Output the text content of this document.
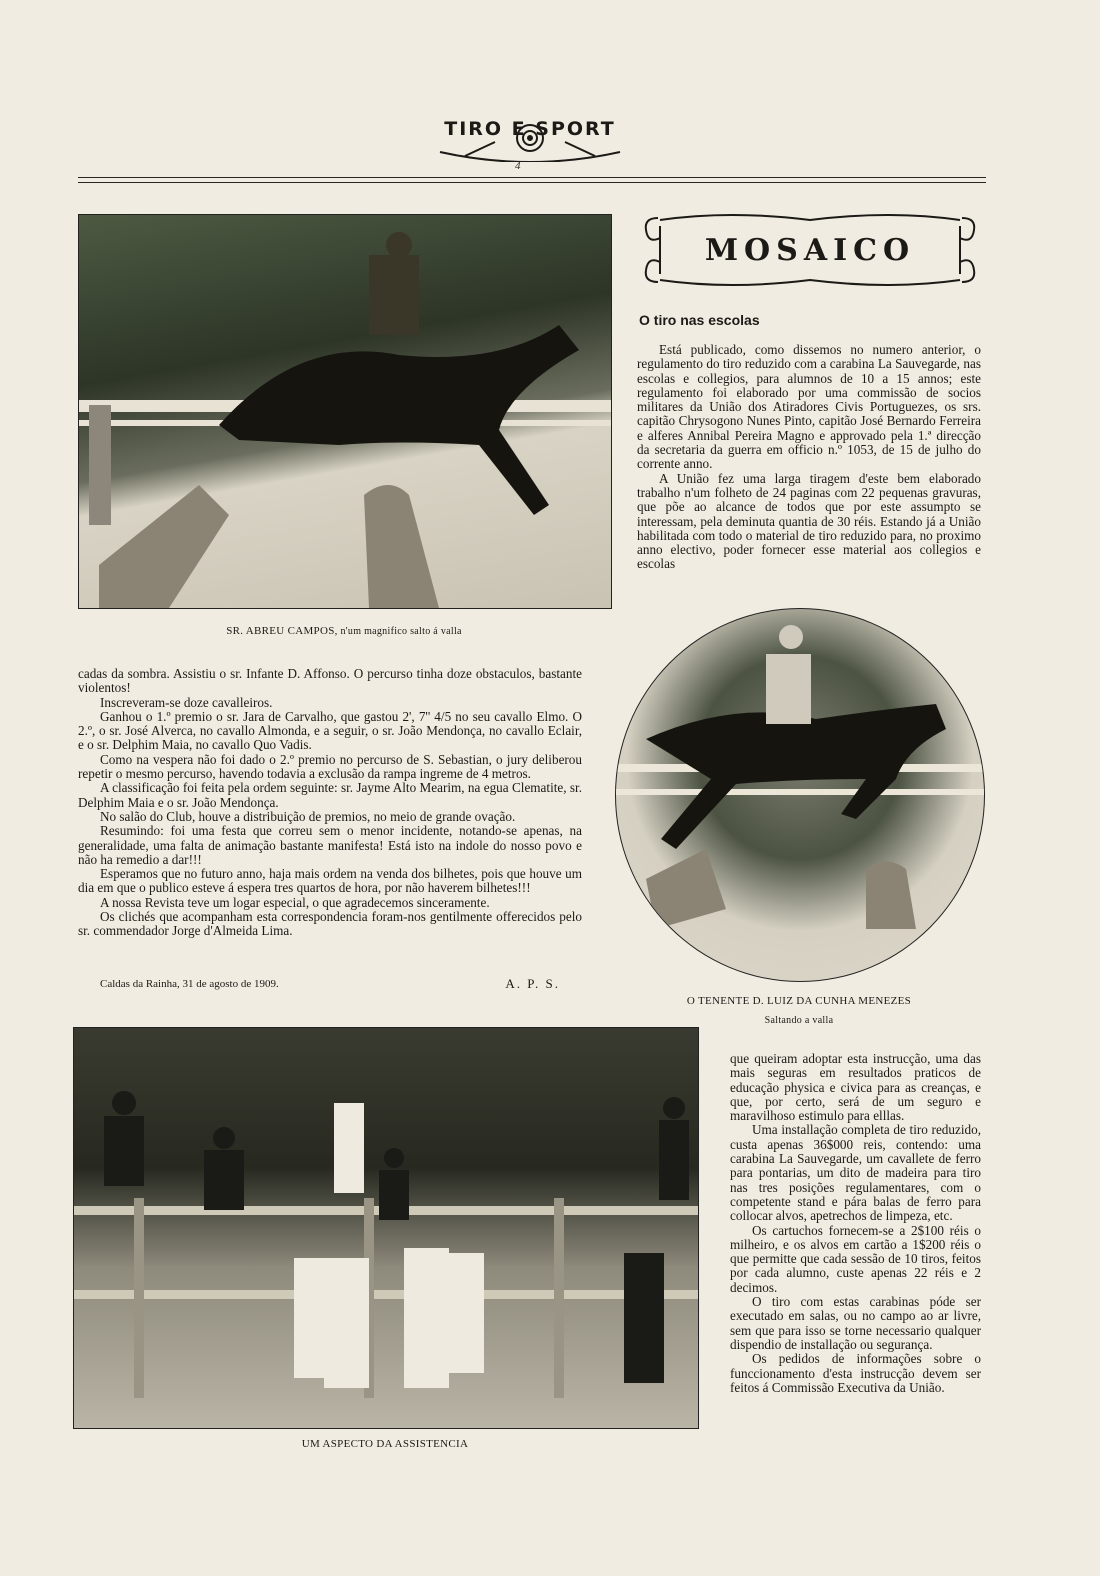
TIRO E SPORT
4
SR. ABREU CAMPOS, n'um magnifico salto á valla
MOSAICO
O tiro nas escolas

Está publicado, como dissemos no numero anterior, o regulamento do tiro reduzido com a carabina La Sauvegarde, nas escolas e collegios, para alumnos de 10 a 15 annos; este regulamento foi elaborado por uma commissão de socios militares da União dos Atiradores Civis Portuguezes, os srs. capitão Chrysogono Nunes Pinto, capitão José Bernardo Ferreira e alferes Annibal Pereira Magno e approvado pela 1.ª direcção da secretaria da guerra em officio n.º 1053, de 15 de julho do corrente anno.

A União fez uma larga tiragem d'este bem elaborado trabalho n'um folheto de 24 paginas com 22 pequenas gravuras, que põe ao alcance de todos que por este assumpto se interessam, pela deminuta quantia de 30 réis. Estando já a União habilitada com todo o material de tiro reduzido para, no proximo anno electivo, poder fornecer esse material aos collegios e escolas

O TENENTE D. LUIZ DA CUNHA MENEZES
Saltando a valla

cadas da sombra. Assistiu o sr. Infante D. Affonso. O percurso tinha doze obstaculos, bastante violentos!

Inscreveram-se doze cavalleiros.

Ganhou o 1.º premio o sr. Jara de Carvalho, que gastou 2', 7'' 4/5 no seu cavallo Elmo. O 2.º, o sr. José Alverca, no cavallo Almonda, e a seguir, o sr. João Mendonça, no cavallo Eclair, e o sr. Delphim Maia, no cavallo Quo Vadis.

Como na vespera não foi dado o 2.º premio no percurso de S. Sebastian, o jury deliberou repetir o mesmo percurso, havendo todavia a exclusão da rampa ingreme de 4 metros.

A classificação foi feita pela ordem seguinte: sr. Jayme Alto Mearim, na egua Clematite, sr. Delphim Maia e o sr. João Mendonça.

No salão do Club, houve a distribuição de premios, no meio de grande ovação.

Resumindo: foi uma festa que correu sem o menor incidente, notando-se apenas, na generalidade, uma falta de animação bastante manifesta! Está isto na indole do nosso povo e não ha remedio a dar!!!

Esperamos que no futuro anno, haja mais ordem na venda dos bilhetes, pois que houve um dia em que o publico esteve á espera tres quartos de hora, por não haverem bilhetes!!!

A nossa Revista teve um logar especial, o que agradecemos sinceramente.

Os clichés que acompanham esta correspondencia foram-nos gentilmente offerecidos pelo sr. commendador Jorge d'Almeida Lima.

Caldas da Rainha, 31 de agosto de 1909.	A. P. S.
UM ASPECTO DA ASSISTENCIA

que queiram adoptar esta instrucção, uma das mais seguras em resultados praticos de educação physica e civica para as creanças, e que, por certo, será de um seguro e maravilhoso estimulo para elllas.

Uma installação completa de tiro reduzido, custa apenas 36$000 reis, contendo: uma carabina La Sauvegarde, um cavallete de ferro para pontarias, um dito de madeira para tiro nas tres posições regulamentares, com o competente stand e pára balas de ferro para collocar alvos, apetrechos de limpeza, etc.

Os cartuchos fornecem-se a 2$100 réis o milheiro, e os alvos em cartão a 1$200 réis o que permitte que cada sessão de 10 tiros, feitos por cada alumno, custe apenas 22 réis e 2 decimos.

O tiro com estas carabinas póde ser executado em salas, ou no campo ao ar livre, sem que para isso se torne necessario qualquer dispendio de installação ou segurança.

Os pedidos de informações sobre o funccionamento d'esta instrucção devem ser feitos á Commissão Executiva da União.
